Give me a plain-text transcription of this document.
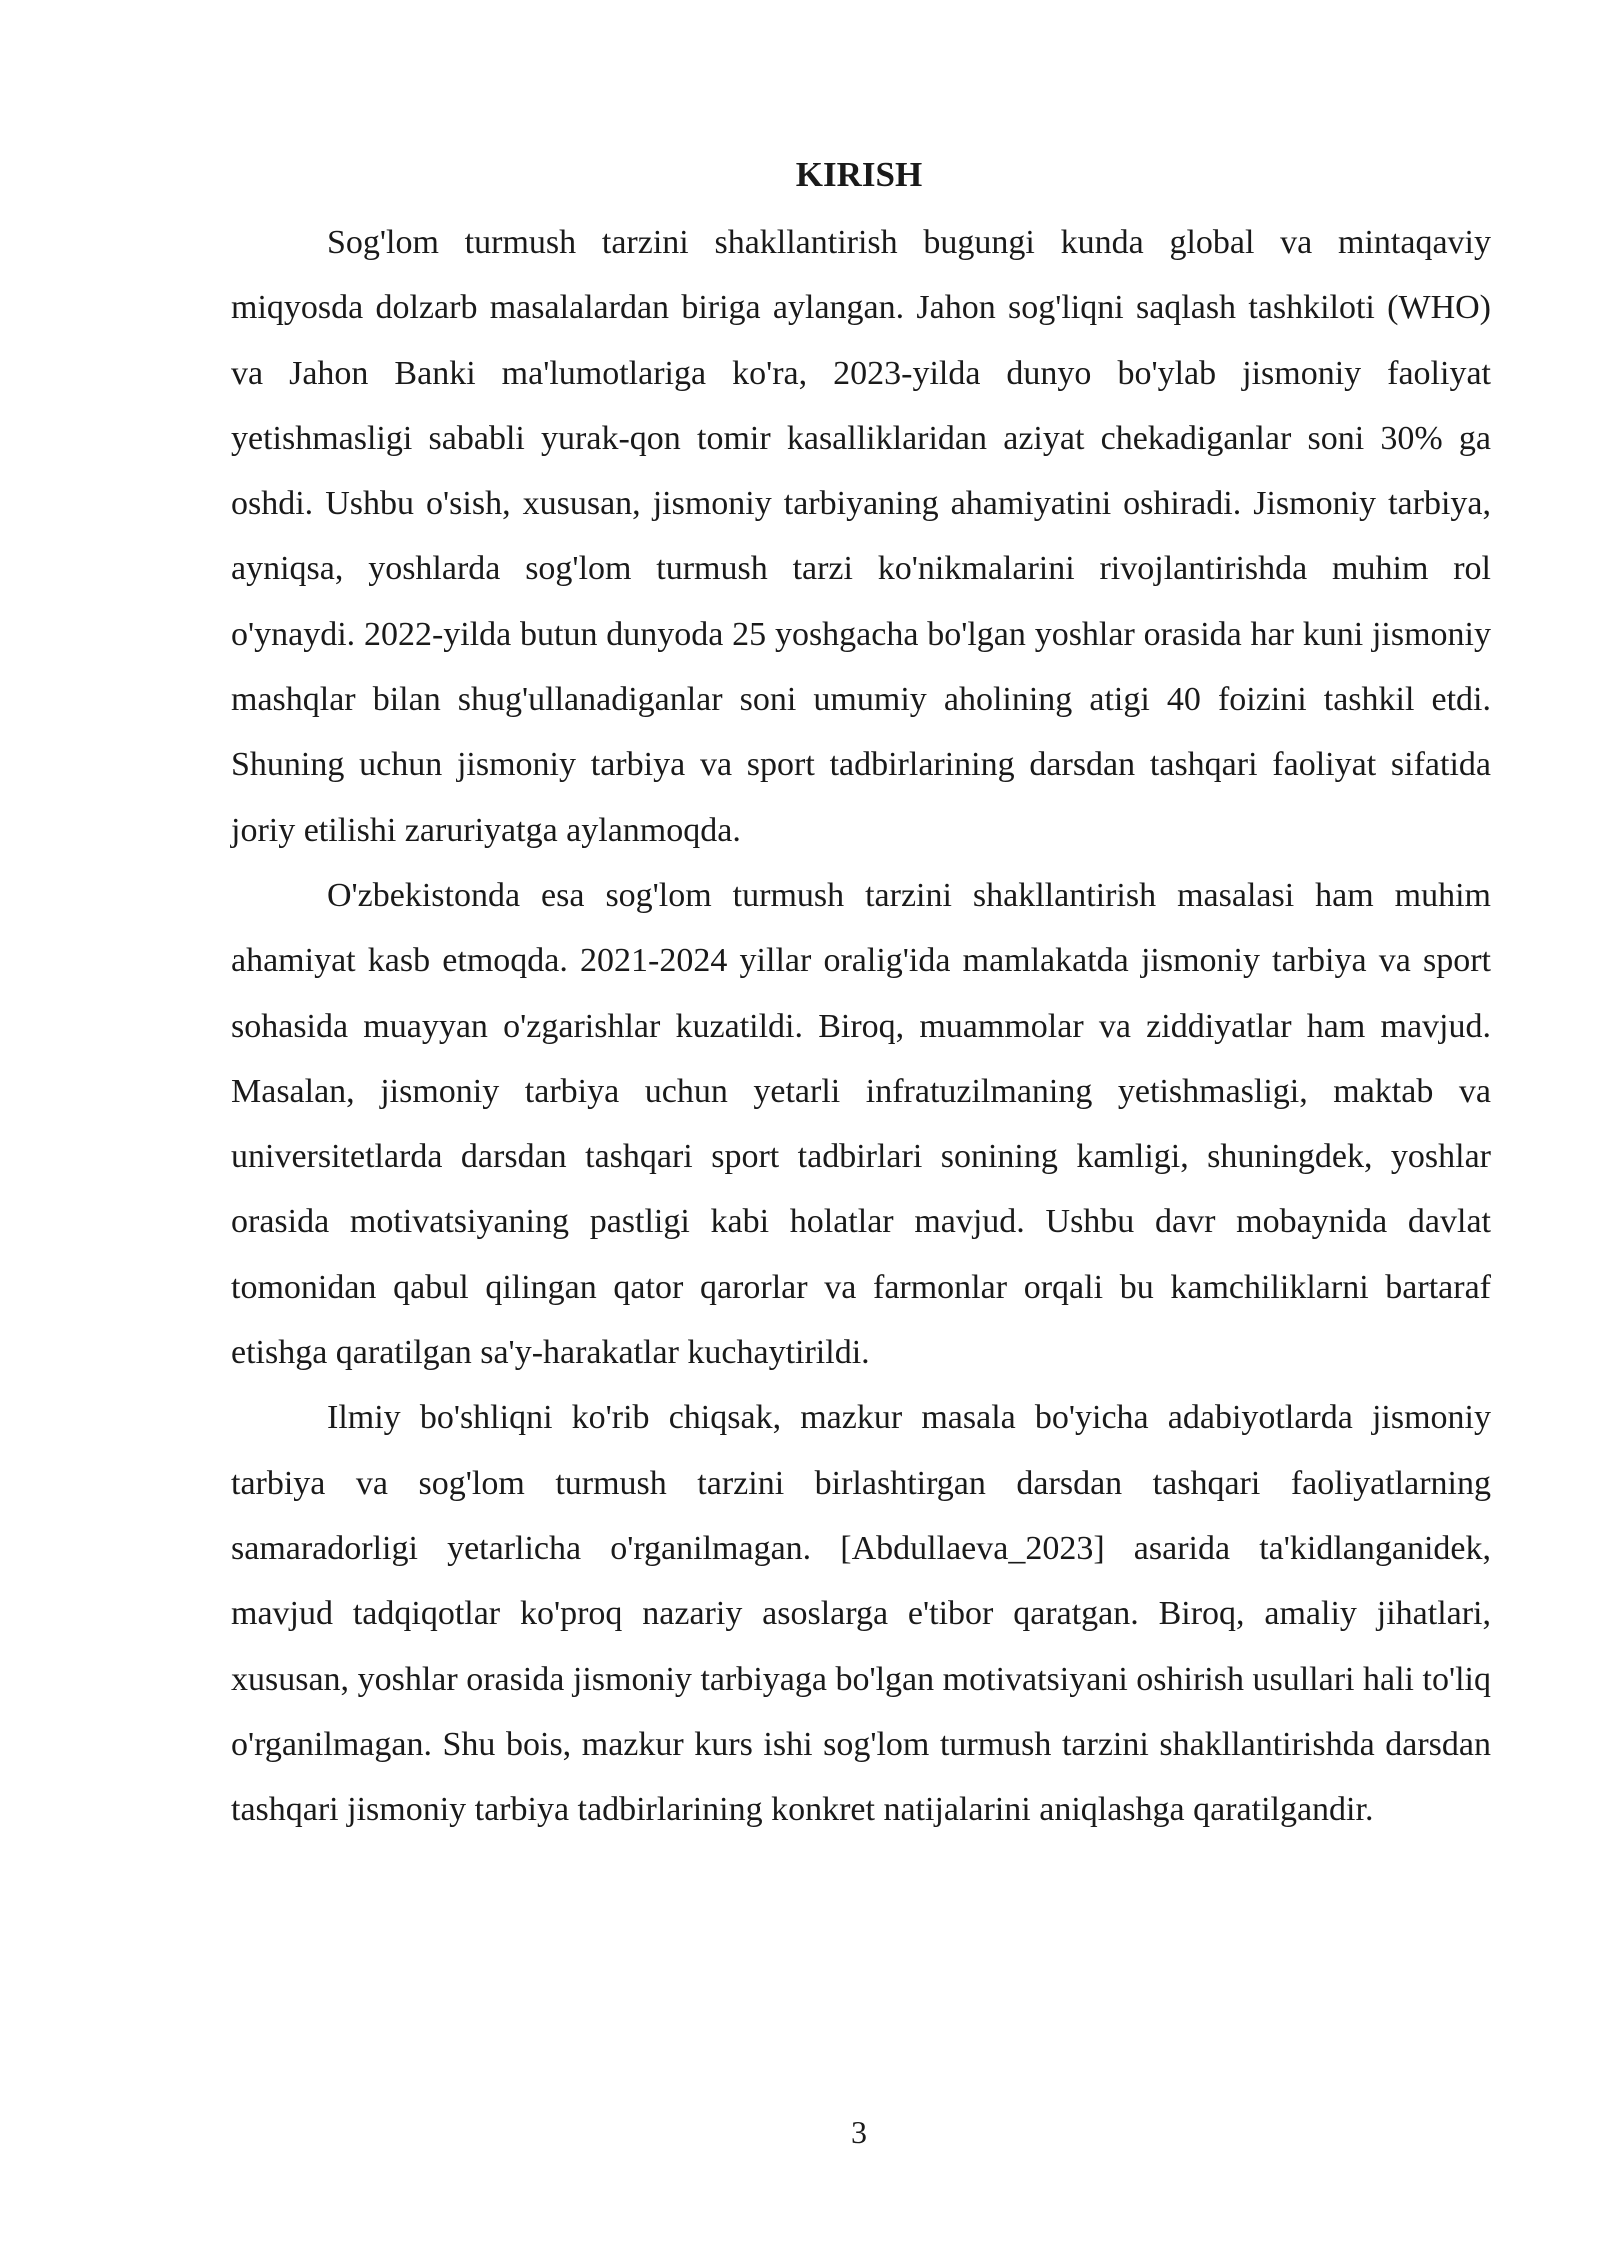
KIRISH

Sog'lom turmush tarzini shakllantirish bugungi kunda global va mintaqaviy miqyosda dolzarb masalalardan biriga aylangan. Jahon sog'liqni saqlash tashkiloti (WHO) va Jahon Banki ma'lumotlariga ko'ra, 2023-yilda dunyo bo'ylab jismoniy faoliyat yetishmasligi sababli yurak-qon tomir kasalliklaridan aziyat chekadiganlar soni 30% ga oshdi. Ushbu o'sish, xususan, jismoniy tarbiyaning ahamiyatini oshiradi. Jismoniy tarbiya, ayniqsa, yoshlarda sog'lom turmush tarzi ko'nikmalarini rivojlantirishda muhim rol o'ynaydi. 2022-yilda butun dunyoda 25 yoshgacha bo'lgan yoshlar orasida har kuni jismoniy mashqlar bilan shug'ullanadiganlar soni umumiy aholining atigi 40 foizini tashkil etdi. Shuning uchun jismoniy tarbiya va sport tadbirlarining darsdan tashqari faoliyat sifatida joriy etilishi zaruriyatga aylanmoqda.

O'zbekistonda esa sog'lom turmush tarzini shakllantirish masalasi ham muhim ahamiyat kasb etmoqda. 2021-2024 yillar oralig'ida mamlakatda jismoniy tarbiya va sport sohasida muayyan o'zgarishlar kuzatildi. Biroq, muammolar va ziddiyatlar ham mavjud. Masalan, jismoniy tarbiya uchun yetarli infratuzilmaning yetishmasligi, maktab va universitetlarda darsdan tashqari sport tadbirlari sonining kamligi, shuningdek, yoshlar orasida motivatsiyaning pastligi kabi holatlar mavjud. Ushbu davr mobaynida davlat tomonidan qabul qilingan qator qarorlar va farmonlar orqali bu kamchiliklarni bartaraf etishga qaratilgan sa'y-harakatlar kuchaytirildi.

Ilmiy bo'shliqni ko'rib chiqsak, mazkur masala bo'yicha adabiyotlarda jismoniy tarbiya va sog'lom turmush tarzini birlashtirgan darsdan tashqari faoliyatlarning samaradorligi yetarlicha o'rganilmagan. [Abdullaeva_2023] asarida ta'kidlanganidek, mavjud tadqiqotlar ko'proq nazariy asoslarga e'tibor qaratgan. Biroq, amaliy jihatlari, xususan, yoshlar orasida jismoniy tarbiyaga bo'lgan motivatsiyani oshirish usullari hali to'liq o'rganilmagan. Shu bois, mazkur kurs ishi sog'lom turmush tarzini shakllantirishda darsdan tashqari jismoniy tarbiya tadbirlarining konkret natijalarini aniqlashga qaratilgandir.

3
